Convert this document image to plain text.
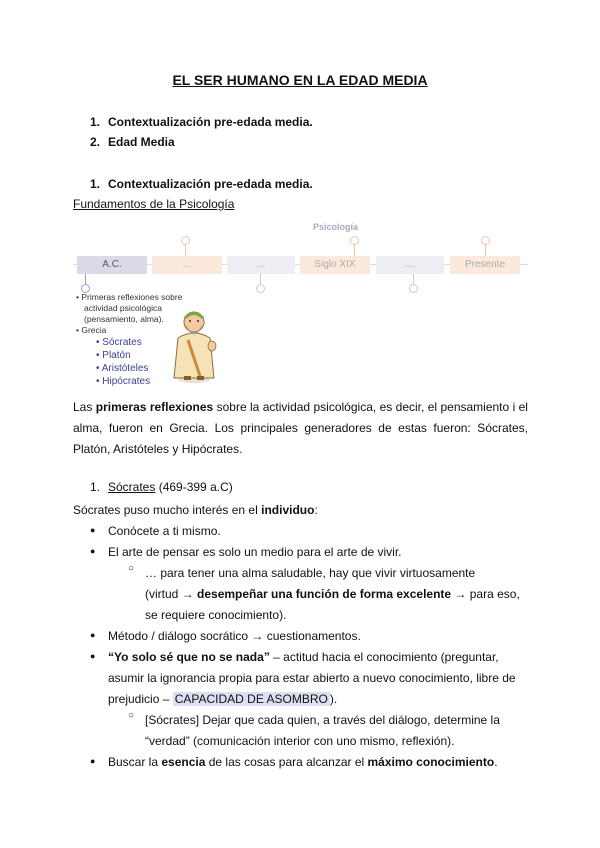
EL SER HUMANO EN LA EDAD MEDIA
1. Contextualización pre-edada media.
2. Edad Media
1. Contextualización pre-edada media.
Fundamentos de la Psicología
Psicología
A.C.	...	...	Siglo XIX	....	Presente
• Primeras reflexiones sobre
actividad psicológica
(pensamiento, alma).
• Grecia
• Sócrates
• Platón
• Aristóteles
• Hipócrates
Las primeras reflexiones sobre la actividad psicológica, es decir, el pensamiento i el alma, fueron en Grecia. Los principales generadores de estas fueron: Sócrates, Platón, Aristóteles y Hipócrates.
1. Sócrates (469-399 a.C)
Sócrates puso mucho interés en el individuo:
● Conócete a ti mismo.
● El arte de pensar es solo un medio para el arte de vivir.
○ … para tener una alma saludable, hay que vivir virtuosamente
(virtud → desempeñar una función de forma excelente → para eso,
se requiere conocimiento).
● Método / diálogo socrático → cuestionamentos.
● “Yo solo sé que no se nada” – actitud hacia el conocimiento (preguntar,
asumir la ignorancia propia para estar abierto a nuevo conocimiento, libre de
prejudicio – CAPACIDAD DE ASOMBRO ).
○ [Sócrates] Dejar que cada quien, a través del diálogo, determine la
“verdad” (comunicación interior con uno mismo, reflexión).
● Buscar la esencia de las cosas para alcanzar el máximo conocimiento.
